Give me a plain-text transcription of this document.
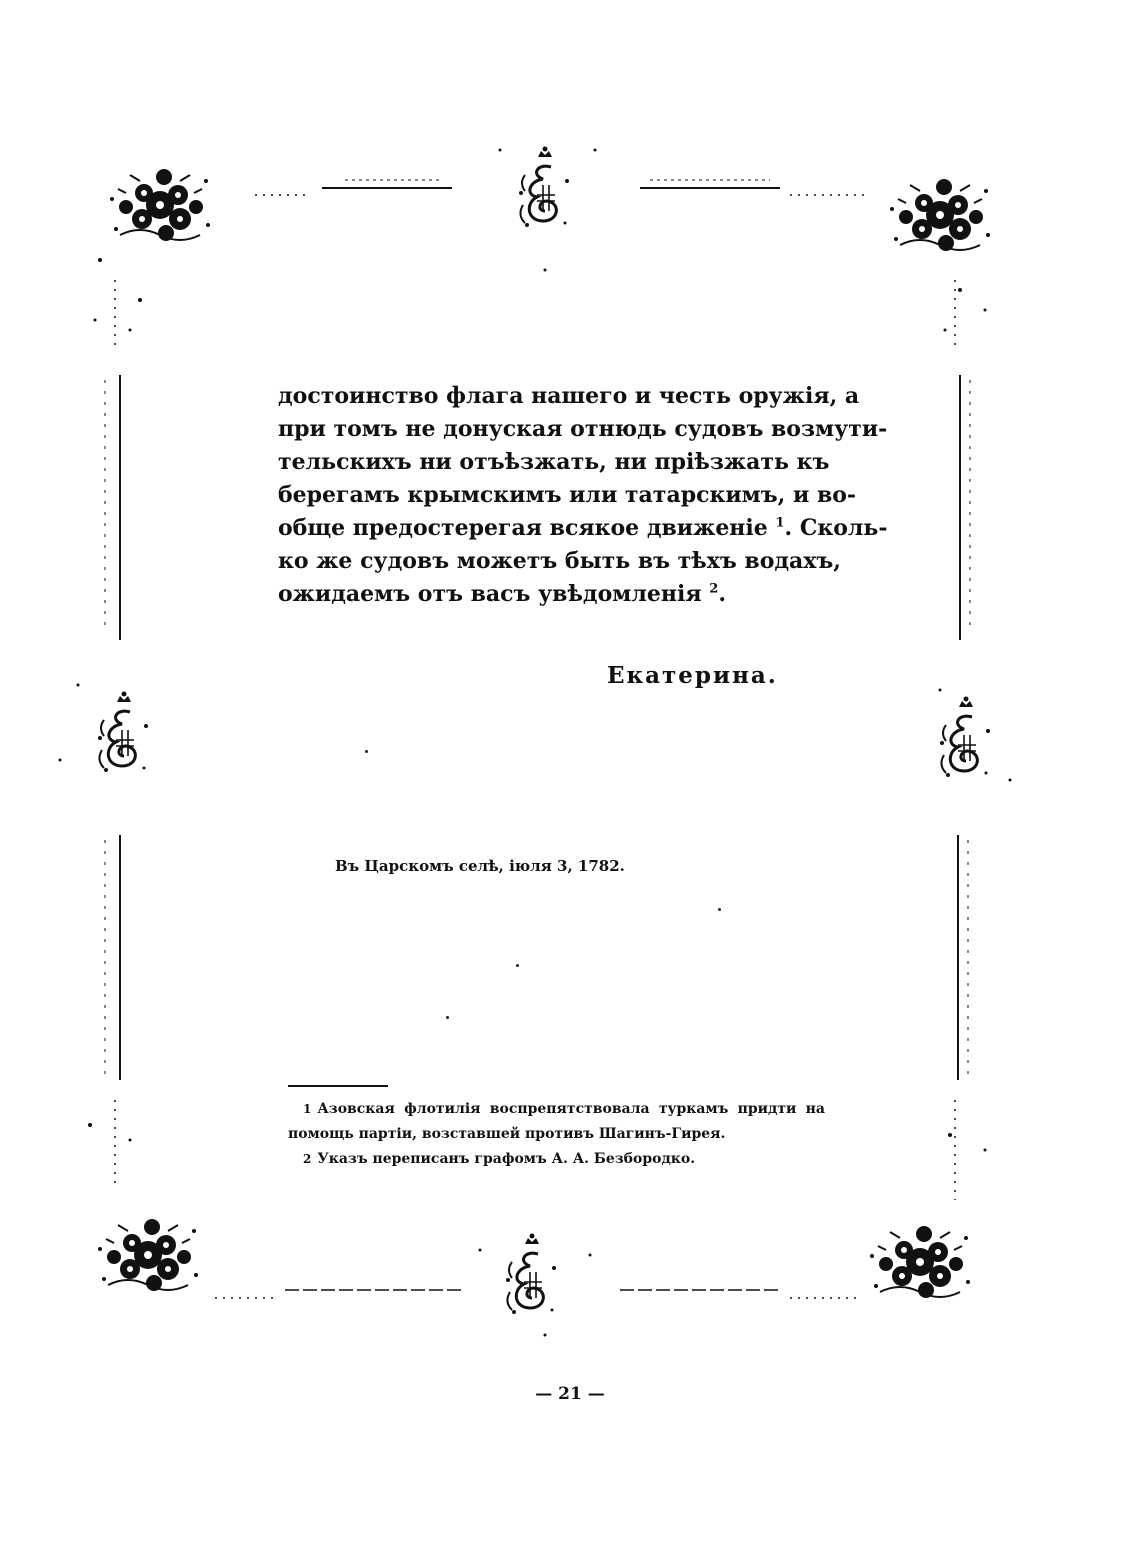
достоинство флага нашего и честь оружія, а
при томъ не донуская отнюдь судовъ возмути-
тельскихъ ни отъѣзжать, ни пріѣзжать къ
берегамъ крымскимъ или татарскимъ, и во-
обще предостерегая всякое движеніе $^1$. Сколь-
ко же судовъ можетъ быть въ тѣхъ водахъ,
ожидаемъ отъ васъ увѣдомленія $^2$.
Екатерина.
Въ Царскомъ селѣ, іюля 3, 1782.
1 Азовская флотилія воспрепятствовала туркамъ придти на
помощь партіи, возставшей противъ Шагинъ-Гирея.
2 Указъ переписанъ графомъ А. А. Безбородко.
— 21 —
